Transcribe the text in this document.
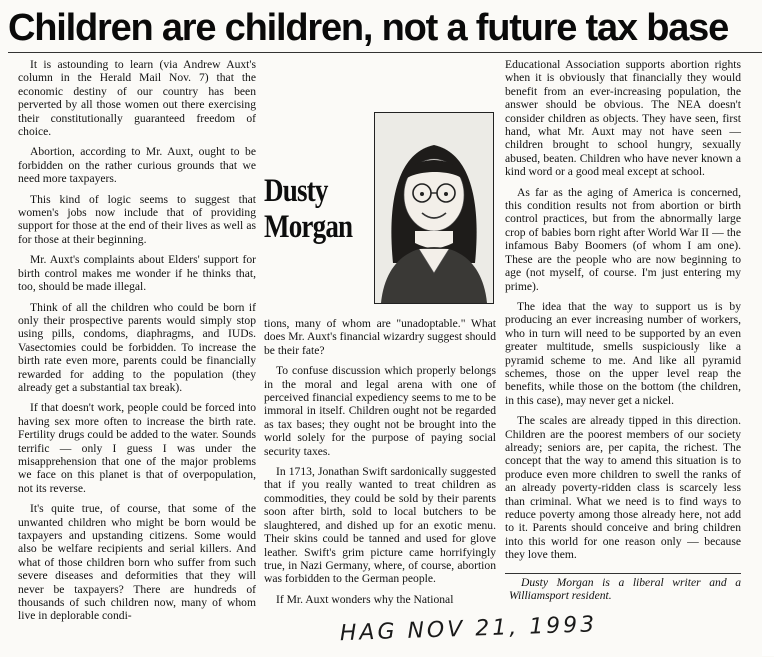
Children are children, not a future tax base

It is astounding to learn (via Andrew Auxt's column in the Herald Mail Nov. 7) that the economic destiny of our country has been perverted by all those women out there exercising their constitutionally guaranteed freedom of choice.

Abortion, according to Mr. Auxt, ought to be forbidden on the rather curious grounds that we need more taxpayers.

This kind of logic seems to suggest that women's jobs now include that of providing support for those at the end of their lives as well as for those at their beginning.

Mr. Auxt's complaints about Elders' support for birth control makes me wonder if he thinks that, too, should be made illegal.

Think of all the children who could be born if only their prospective parents would simply stop using pills, condoms, diaphragms, and IUDs. Vasectomies could be forbidden. To increase the birth rate even more, parents could be financially rewarded for adding to the population (they already get a substantial tax break).

If that doesn't work, people could be forced into having sex more often to increase the birth rate. Fertility drugs could be added to the water. Sounds terrific — only I guess I was under the misapprehension that one of the major problems we face on this planet is that of overpopulation, not its reverse.

It's quite true, of course, that some of the unwanted children who might be born would be taxpayers and upstanding citizens. Some would also be welfare recipients and serial killers. And what of those children born who suffer from such severe diseases and deformities that they will never be taxpayers? There are hundreds of thousands of such children now, many of whom live in deplorable condi-

Dusty
Morgan

tions, many of whom are "unadoptable." What does Mr. Auxt's financial wizardry suggest should be their fate?

To confuse discussion which properly belongs in the moral and legal arena with one of perceived financial expediency seems to me to be immoral in itself. Children ought not be regarded as tax bases; they ought not be brought into the world solely for the purpose of paying social security taxes.

In 1713, Jonathan Swift sardonically suggested that if you really wanted to treat children as commodities, they could be sold by their parents soon after birth, sold to local butchers to be slaughtered, and dished up for an exotic menu. Their skins could be tanned and used for glove leather. Swift's grim picture came horrifyingly true, in Nazi Germany, where, of course, abortion was forbidden to the German people.

If Mr. Auxt wonders why the National

Educational Association supports abortion rights when it is obviously that financially they would benefit from an ever-increasing population, the answer should be obvious. The NEA doesn't consider children as objects. They have seen, first hand, what Mr. Auxt may not have seen — children brought to school hungry, sexually abused, beaten. Children who have never known a kind word or a good meal except at school.

As far as the aging of America is concerned, this condition results not from abortion or birth control practices, but from the abnormally large crop of babies born right after World War II — the infamous Baby Boomers (of whom I am one). These are the people who are now beginning to age (not myself, of course. I'm just entering my prime).

The idea that the way to support us is by producing an ever increasing number of workers, who in turn will need to be supported by an even greater multitude, smells suspiciously like a pyramid scheme to me. And like all pyramid schemes, those on the upper level reap the benefits, while those on the bottom (the children, in this case), may never get a nickel.

The scales are already tipped in this direction. Children are the poorest members of our society already; seniors are, per capita, the richest. The concept that the way to amend this situation is to produce even more children to swell the ranks of an already poverty-ridden class is scarcely less than criminal. What we need is to find ways to reduce poverty among those already here, not add to it. Parents should conceive and bring children into this world for one reason only — because they love them.

Dusty Morgan is a liberal writer and a Williamsport resident.
HAG NOV 21, 1993
